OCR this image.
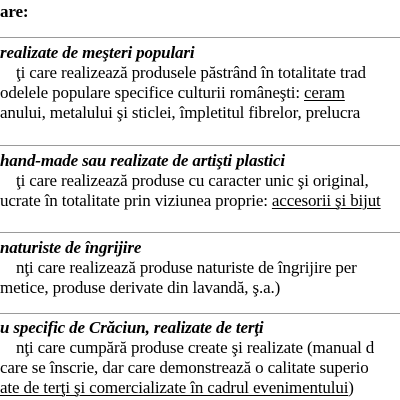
are:
realizate de meşteri populari
ţi care realizează produsele păstrând în totalitate trad
odelele populare specifice culturii româneşti: ceram
anului, metalului şi sticlei, împletitul fibrelor, prelucra
hand-made sau realizate de artişti plastici
ţi care realizează produse cu caracter unic şi original,
ucrate în totalitate prin viziunea proprie: accesorii şi bijut
naturiste de îngrijire
nţi care realizează produse naturiste de îngrijire per
metice, produse derivate din lavandă, ş.a.)
u specific de Crăciun, realizate de terţi
nţi care cumpără produse create şi realizate (manual d
care se înscrie, dar care demonstrează o calitate superio
ate de terţi şi comercializate în cadrul evenimentului)
